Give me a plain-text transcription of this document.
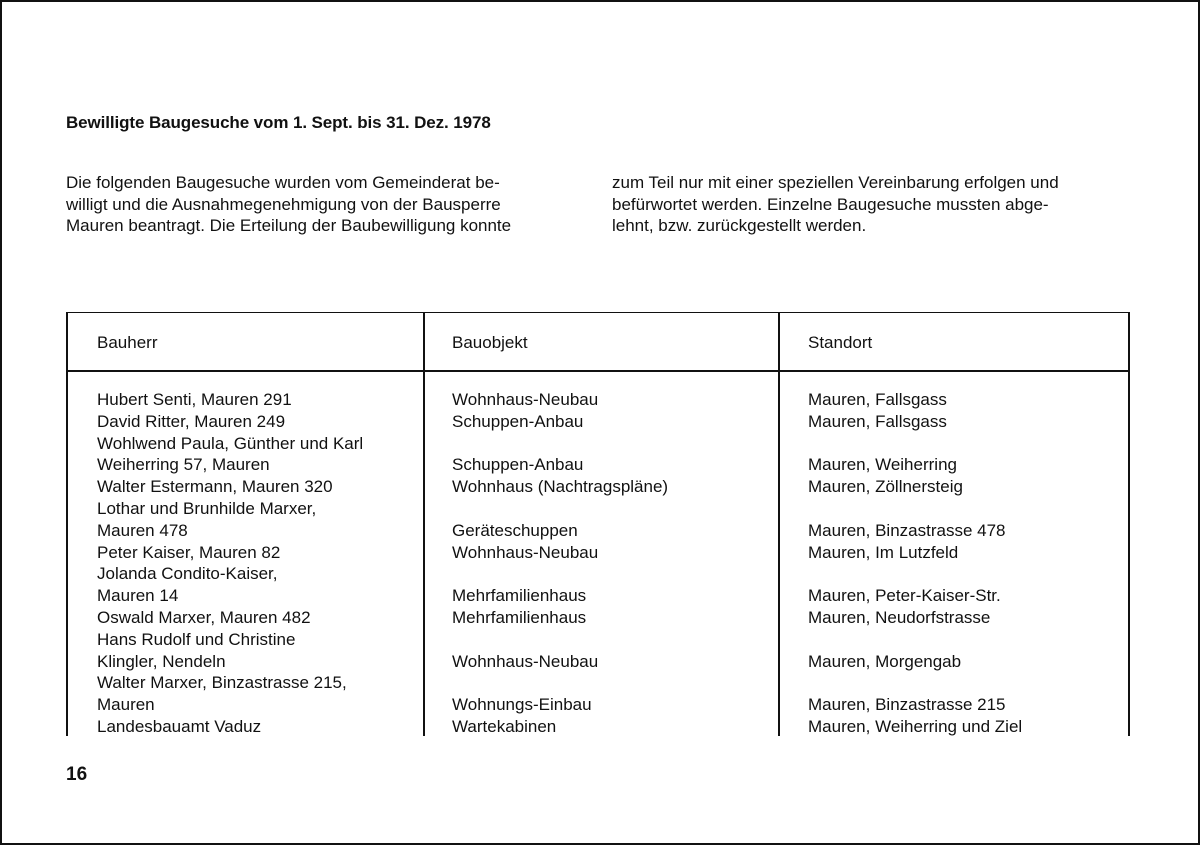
Bewilligte Baugesuche vom 1. Sept. bis 31. Dez. 1978
Die folgenden Baugesuche wurden vom Gemeinderat be-
willigt und die Ausnahmegenehmigung von der Bausperre
Mauren beantragt. Die Erteilung der Baubewilligung konnte
zum Teil nur mit einer speziellen Vereinbarung erfolgen und
befürwortet werden. Einzelne Baugesuche mussten abge-
lehnt, bzw. zurückgestellt werden.
Bauherr	Bauobjekt	Standort
Hubert Senti, Mauren 291	Wohnhaus-Neubau	Mauren, Fallsgass
David Ritter, Mauren 249	Schuppen-Anbau	Mauren, Fallsgass
Wohlwend Paula, Günther und Karl
Weiherring 57, Mauren	Schuppen-Anbau	Mauren, Weiherring
Walter Estermann, Mauren 320	Wohnhaus (Nachtragspläne)	Mauren, Zöllnersteig
Lothar und Brunhilde Marxer,
Mauren 478	Geräteschuppen	Mauren, Binzastrasse 478
Peter Kaiser, Mauren 82	Wohnhaus-Neubau	Mauren, Im Lutzfeld
Jolanda Condito-Kaiser,
Mauren 14	Mehrfamilienhaus	Mauren, Peter-Kaiser-Str.
Oswald Marxer, Mauren 482	Mehrfamilienhaus	Mauren, Neudorfstrasse
Hans Rudolf und Christine
Klingler, Nendeln	Wohnhaus-Neubau	Mauren, Morgengab
Walter Marxer, Binzastrasse 215,
Mauren	Wohnungs-Einbau	Mauren, Binzastrasse 215
Landesbauamt Vaduz	Wartekabinen	Mauren, Weiherring und Ziel
16
